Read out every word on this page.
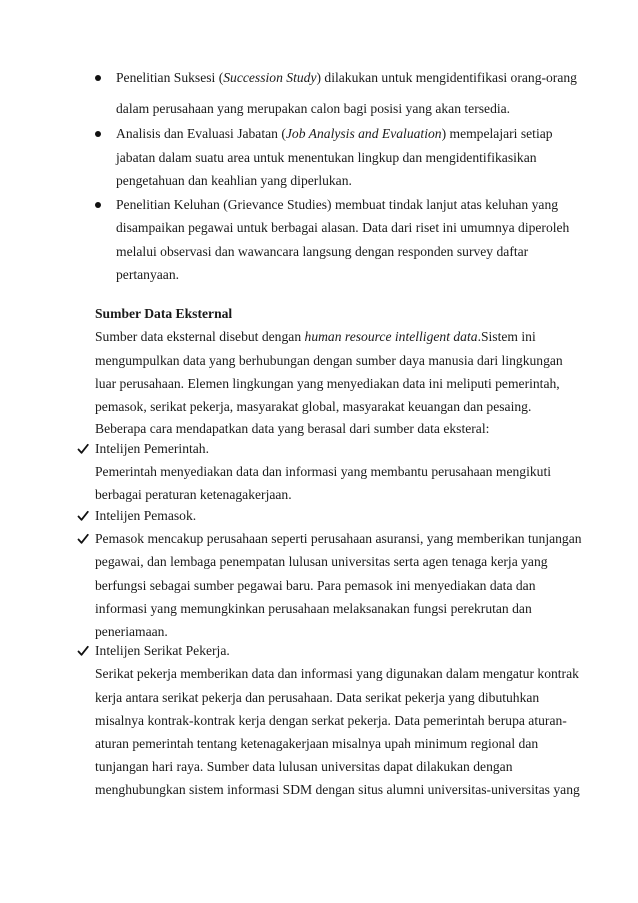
Penelitian Suksesi (Succession Study) dilakukan untuk mengidentifikasi orang-orang
dalam perusahaan yang merupakan calon bagi posisi yang akan tersedia.
Analisis dan Evaluasi Jabatan (Job Analysis and Evaluation) mempelajari setiap
jabatan dalam suatu area untuk menentukan lingkup dan mengidentifikasikan
pengetahuan dan keahlian yang diperlukan.
Penelitian Keluhan (Grievance Studies) membuat tindak lanjut atas keluhan yang
disampaikan pegawai untuk berbagai alasan. Data dari riset ini umumnya diperoleh
melalui observasi dan wawancara langsung dengan responden survey daftar
pertanyaan.
Sumber Data Eksternal
Sumber data eksternal disebut dengan human resource intelligent data.Sistem ini
mengumpulkan data yang berhubungan dengan sumber daya manusia dari lingkungan
luar perusahaan. Elemen lingkungan yang menyediakan data ini meliputi pemerintah,
pemasok, serikat pekerja, masyarakat global, masyarakat keuangan dan pesaing.
Beberapa cara mendapatkan data yang berasal dari sumber data eksteral:
Intelijen Pemerintah.
Pemerintah menyediakan data dan informasi yang membantu perusahaan mengikuti
berbagai peraturan ketenagakerjaan.
Intelijen Pemasok.
Pemasok mencakup perusahaan seperti perusahaan asuransi, yang memberikan tunjangan
pegawai, dan lembaga penempatan lulusan universitas serta agen tenaga kerja yang
berfungsi sebagai sumber pegawai baru. Para pemasok ini menyediakan data dan
informasi yang memungkinkan perusahaan melaksanakan fungsi perekrutan dan
peneriamaan.
Intelijen Serikat Pekerja.
Serikat pekerja memberikan data dan informasi yang digunakan dalam mengatur kontrak
kerja antara serikat pekerja dan perusahaan. Data serikat pekerja yang dibutuhkan
misalnya kontrak-kontrak kerja dengan serkat pekerja. Data pemerintah berupa aturan-
aturan pemerintah tentang ketenagakerjaan misalnya upah minimum regional dan
tunjangan hari raya. Sumber data lulusan universitas dapat dilakukan dengan
menghubungkan sistem informasi SDM dengan situs alumni universitas-universitas yang
